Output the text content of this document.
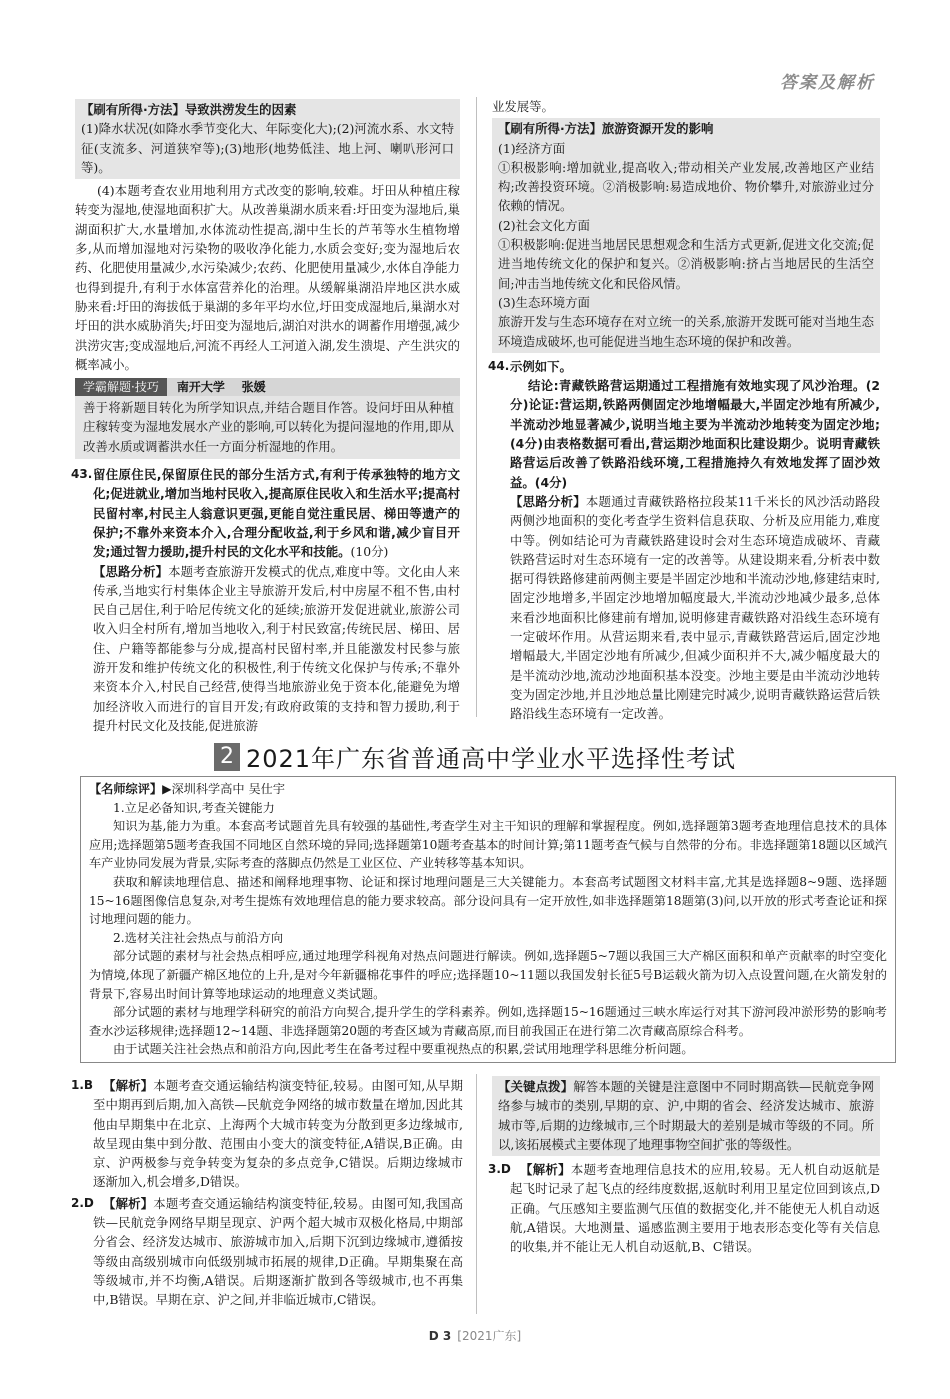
答案及解析
【刷有所得·方法】导致洪涝发生的因素
(1)降水状况(如降水季节变化大、年际变化大);(2)河流水系、水文特征(支流多、河道狭窄等);(3)地形(地势低洼、地上河、喇叭形河口等)。

(4)本题考查农业用地利用方式改变的影响,较难。圩田从种植庄稼转变为湿地,使湿地面积扩大。从改善巢湖水质来看:圩田变为湿地后,巢湖面积扩大,水量增加,水体流动性提高,湖中生长的芦苇等水生植物增多,从而增加湿地对污染物的吸收净化能力,水质会变好;变为湿地后农药、化肥使用量减少,水污染减少;农药、化肥使用量减少,水体自净能力也得到提升,有利于水体富营养化的治理。从缓解巢湖沿岸地区洪水威胁来看:圩田的海拔低于巢湖的多年平均水位,圩田变成湿地后,巢湖水对圩田的洪水威胁消失;圩田变为湿地后,湖泊对洪水的调蓄作用增强,减少洪涝灾害;变成湿地后,河流不再经人工河道入湖,发生溃堤、产生洪灾的概率减小。

学霸解题·技巧	南开大学 张媛
善于将新题目转化为所学知识点,并结合题目作答。设问圩田从种植庄稼转变为湿地发展水产业的影响,可以转化为提问湿地的作用,即从改善水质或调蓄洪水任一方面分析湿地的作用。
43. 留住原住民,保留原住民的部分生活方式,有利于传承独特的地方文化;促进就业,增加当地村民收入,提高原住民收入和生活水平;提高村民留村率,村民主人翁意识更强,更能自觉注重民居、梯田等遗产的保护;不靠外来资本介入,合理分配收益,利于乡风和谐,减少盲目开发;通过智力援助,提升村民的文化水平和技能。(10分)
【思路分析】本题考查旅游开发模式的优点,难度中等。文化由人来传承,当地实行村集体企业主导旅游开发后,村中房屋不租不售,由村民自己居住,利于哈尼传统文化的延续;旅游开发促进就业,旅游公司收入归全村所有,增加当地收入,利于村民致富;传统民居、梯田、居住、户籍等都能参与分成,提高村民留村率,并且能激发村民参与旅游开发和维护传统文化的积极性,利于传统文化保护与传承;不靠外来资本介入,村民自己经营,使得当地旅游业免于资本化,能避免为增加经济收入而进行的盲目开发;有政府政策的支持和智力援助,利于提升村民文化及技能,促进旅游
业发展等。
【刷有所得·方法】旅游资源开发的影响
(1)经济方面
①积极影响:增加就业,提高收入;带动相关产业发展,改善地区产业结构;改善投资环境。②消极影响:易造成地价、物价攀升,对旅游业过分依赖的情况。
(2)社会文化方面
①积极影响:促进当地居民思想观念和生活方式更新,促进文化交流;促进当地传统文化的保护和复兴。②消极影响:挤占当地居民的生活空间;冲击当地传统文化和民俗风情。
(3)生态环境方面
旅游开发与生态环境存在对立统一的关系,旅游开发既可能对当地生态环境造成破坏,也可能促进当地生态环境的保护和改善。
44. 示例如下。
结论:青藏铁路营运期通过工程措施有效地实现了风沙治理。(2分)论证:营运期,铁路两侧固定沙地增幅最大,半固定沙地有所减少,半流动沙地显著减少,说明当地主要为半流动沙地转变为固定沙地;(4分)由表格数据可看出,营运期沙地面积比建设期少。说明青藏铁路营运后改善了铁路沿线环境,工程措施持久有效地发挥了固沙效益。(4分)
【思路分析】本题通过青藏铁路格拉段某11千米长的风沙活动路段两侧沙地面积的变化考查学生资料信息获取、分析及应用能力,难度中等。例如结论可为青藏铁路建设时会对生态环境造成破坏、青藏铁路营运时对生态环境有一定的改善等。从建设期来看,分析表中数据可得铁路修建前两侧主要是半固定沙地和半流动沙地,修建结束时,固定沙地增多,半固定沙地增加幅度最大,半流动沙地减少最多,总体来看沙地面积比修建前有增加,说明修建青藏铁路对沿线生态环境有一定破坏作用。从营运期来看,表中显示,青藏铁路营运后,固定沙地增幅最大,半固定沙地有所减少,但减少面积并不大,减少幅度最大的是半流动沙地,流动沙地面积基本没变。沙地主要是由半流动沙地转变为固定沙地,并且沙地总量比刚建完时减少,说明青藏铁路运营后铁路沿线生态环境有一定改善。
2 2021年广东省普通高中学业水平选择性考试
【名师综评】▶深圳科学高中 吴仕宇
1.立足必备知识,考查关键能力

知识为基,能力为重。本套高考试题首先具有较强的基础性,考查学生对主干知识的理解和掌握程度。例如,选择题第3题考查地理信息技术的具体应用;选择题第5题考查我国不同地区自然环境的异同;选择题第10题考查基本的时间计算;第11题考查气候与自然带的分布。非选择题第18题以区域汽车产业协同发展为背景,实际考查的落脚点仍然是工业区位、产业转移等基本知识。

获取和解读地理信息、描述和阐释地理事物、论证和探讨地理问题是三大关键能力。本套高考试题图文材料丰富,尤其是选择题8~9题、选择题15~16题图像信息复杂,对考生提炼有效地理信息的能力要求较高。部分设问具有一定开放性,如非选择题第18题第(3)问,以开放的形式考查论证和探讨地理问题的能力。

2.选材关注社会热点与前沿方向

部分试题的素材与社会热点相呼应,通过地理学科视角对热点问题进行解读。例如,选择题5~7题以我国三大产棉区面积和单产贡献率的时空变化为情境,体现了新疆产棉区地位的上升,是对今年新疆棉花事件的呼应;选择题10~11题以我国发射长征5号B运载火箭为切入点设置问题,在火箭发射的背景下,容易出时间计算等地球运动的地理意义类试题。

部分试题的素材与地理学科研究的前沿方向契合,提升学生的学科素养。例如,选择题15~16题通过三峡水库运行对其下游河段冲淤形势的影响考查水沙运移规律;选择题12~14题、非选择题第20题的考查区域为青藏高原,而目前我国正在进行第二次青藏高原综合科考。

由于试题关注社会热点和前沿方向,因此考生在备考过程中要重视热点的积累,尝试用地理学科思维分析问题。

1.B 【解析】本题考查交通运输结构演变特征,较易。由图可知,从早期至中期再到后期,加入高铁—民航竞争网络的城市数量在增加,因此其他由早期集中在北京、上海两个大城市转变为分散到更多边缘城市,故呈现由集中到分散、范围由小变大的演变特征,A错误,B正确。由京、沪两极参与竞争转变为复杂的多点竞争,C错误。后期边缘城市逐渐加入,机会增多,D错误。
2.D 【解析】本题考查交通运输结构演变特征,较易。由图可知,我国高铁—民航竞争网络早期呈现京、沪两个超大城市双极化格局,中期部分省会、经济发达城市、旅游城市加入,后期下沉到边缘城市,遵循按等级由高级别城市向低级别城市拓展的规律,D正确。早期集聚在高等级城市,并不均衡,A错误。后期逐渐扩散到各等级城市,也不再集中,B错误。早期在京、沪之间,并非临近城市,C错误。
【关键点拨】解答本题的关键是注意图中不同时期高铁—民航竞争网络参与城市的类别,早期的京、沪,中期的省会、经济发达城市、旅游城市等,后期的边缘城市,三个时期最大的差别是城市等级的不同。所以,该拓展模式主要体现了地理事物空间扩张的等级性。
3.D 【解析】本题考查地理信息技术的应用,较易。无人机自动返航是起飞时记录了起飞点的经纬度数据,返航时利用卫星定位回到该点,D正确。气压感知主要监测气压值的数据变化,并不能使无人机自动返航,A错误。大地测量、遥感监测主要用于地表形态变化等有关信息的收集,并不能让无人机自动返航,B、C错误。
D 3 [2021广东]
